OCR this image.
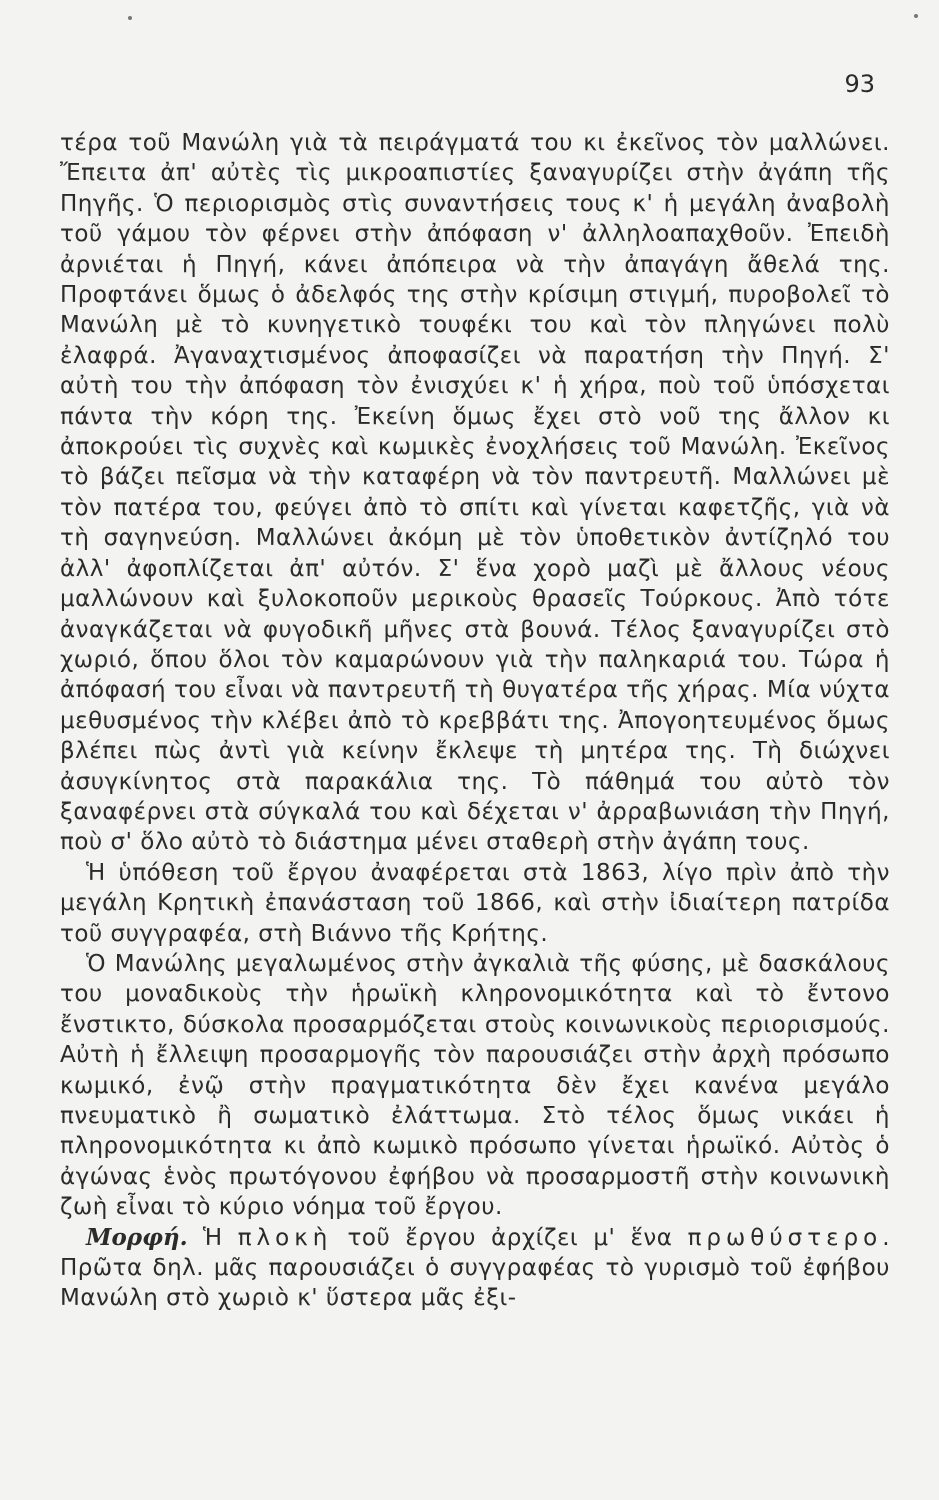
93

τέρα τοῦ Μανώλη γιὰ τὰ πειράγματά του κι ἐκεῖνος τὸν μαλλώνει. Ἔπειτα ἀπ' αὐτὲς τὶς μικροαπιστίες ξαναγυρίζει στὴν ἀγάπη τῆς Πηγῆς. Ὁ περιορισμὸς στὶς συναντήσεις τους κ' ἡ μεγάλη ἀναβολὴ τοῦ γάμου τὸν φέρνει στὴν ἀπόφαση ν' ἀλληλοαπαχθοῦν. Ἐπειδὴ ἀρνιέται ἡ Πηγή, κάνει ἀπόπειρα νὰ τὴν ἀπαγάγη ἄθελά της. Προφτάνει ὅμως ὁ ἀδελφός της στὴν κρίσιμη στιγμή, πυροβολεῖ τὸ Μανώλη μὲ τὸ κυνηγετικὸ τουφέκι του καὶ τὸν πληγώνει πολὺ ἐλαφρά. Ἀγαναχτισμένος ἀποφασίζει νὰ παρατήση τὴν Πηγή. Σ' αὐτὴ του τὴν ἀπόφαση τὸν ἐνισχύει κ' ἡ χήρα, ποὺ τοῦ ὑπόσχεται πάντα τὴν κόρη της. Ἐκείνη ὅμως ἔχει στὸ νοῦ της ἄλλον κι ἀποκρούει τὶς συχνὲς καὶ κωμικὲς ἐνοχλήσεις τοῦ Μανώλη. Ἐκεῖνος τὸ βάζει πεῖσμα νὰ τὴν καταφέρη νὰ τὸν παντρευτῆ. Μαλλώνει μὲ τὸν πατέρα του, φεύγει ἀπὸ τὸ σπίτι καὶ γίνεται καφετζῆς, γιὰ νὰ τὴ σαγηνεύση. Μαλλώνει ἀκόμη μὲ τὸν ὑποθετικὸν ἀντίζηλό του ἀλλ' ἀφοπλίζεται ἀπ' αὐτόν. Σ' ἕνα χορὸ μαζὶ μὲ ἄλλους νέους μαλλώνουν καὶ ξυλοκοποῦν μερικοὺς θρασεῖς Τούρκους. Ἀπὸ τότε ἀναγκάζεται νὰ φυγοδικῆ μῆνες στὰ βουνά. Τέλος ξαναγυρίζει στὸ χωριό, ὅπου ὅλοι τὸν καμαρώνουν γιὰ τὴν παληκαριά του. Τώρα ἡ ἀπόφασή του εἶναι νὰ παντρευτῆ τὴ θυγατέρα τῆς χήρας. Μία νύχτα μεθυσμένος τὴν κλέβει ἀπὸ τὸ κρεββάτι της. Ἀπογοητευμένος ὅμως βλέπει πὼς ἀντὶ γιὰ κείνην ἔκλεψε τὴ μητέρα της. Τὴ διώχνει ἀσυγκίνητος στὰ παρακάλια της. Τὸ πάθημά του αὐτὸ τὸν ξαναφέρνει στὰ σύγκαλά του καὶ δέχεται ν' ἀρραβωνιάση τὴν Πηγή, ποὺ σ' ὅλο αὐτὸ τὸ διάστημα μένει σταθερὴ στὴν ἀγάπη τους.

Ἡ ὑπόθεση τοῦ ἔργου ἀναφέρεται στὰ 1863, λίγο πρὶν ἀπὸ τὴν μεγάλη Κρητικὴ ἐπανάσταση τοῦ 1866, καὶ στὴν ἰδιαίτερη πατρίδα τοῦ συγγραφέα, στὴ Βιάννο τῆς Κρήτης.

Ὁ Μανώλης μεγαλωμένος στὴν ἀγκαλιὰ τῆς φύσης, μὲ δασκάλους του μοναδικοὺς τὴν ἡρωϊκὴ κληρονομικότητα καὶ τὸ ἔντονο ἔνστικτο, δύσκολα προσαρμόζεται στοὺς κοινωνικοὺς περιορισμούς. Αὐτὴ ἡ ἔλλειψη προσαρμογῆς τὸν παρουσιάζει στὴν ἀρχὴ πρόσωπο κωμικό, ἐνῷ στὴν πραγματικότητα δὲν ἔχει κανένα μεγάλο πνευματικὸ ἢ σωματικὸ ἐλάττωμα. Στὸ τέλος ὅμως νικάει ἡ πληρονομικότητα κι ἀπὸ κωμικὸ πρόσωπο γίνεται ἡρωϊκό. Αὐτὸς ὁ ἀγώνας ἑνὸς πρωτόγονου ἐφήβου νὰ προσαρμοστῆ στὴν κοινωνικὴ ζωὴ εἶναι τὸ κύριο νόημα τοῦ ἔργου.

Μορφή. Ἡ πλοκὴ τοῦ ἔργου ἀρχίζει μ' ἕνα πρωθύστερο. Πρῶτα δηλ. μᾶς παρουσιάζει ὁ συγγραφέας τὸ γυρισμὸ τοῦ ἐφήβου Μανώλη στὸ χωριὸ κ' ὕστερα μᾶς ἐξι-
